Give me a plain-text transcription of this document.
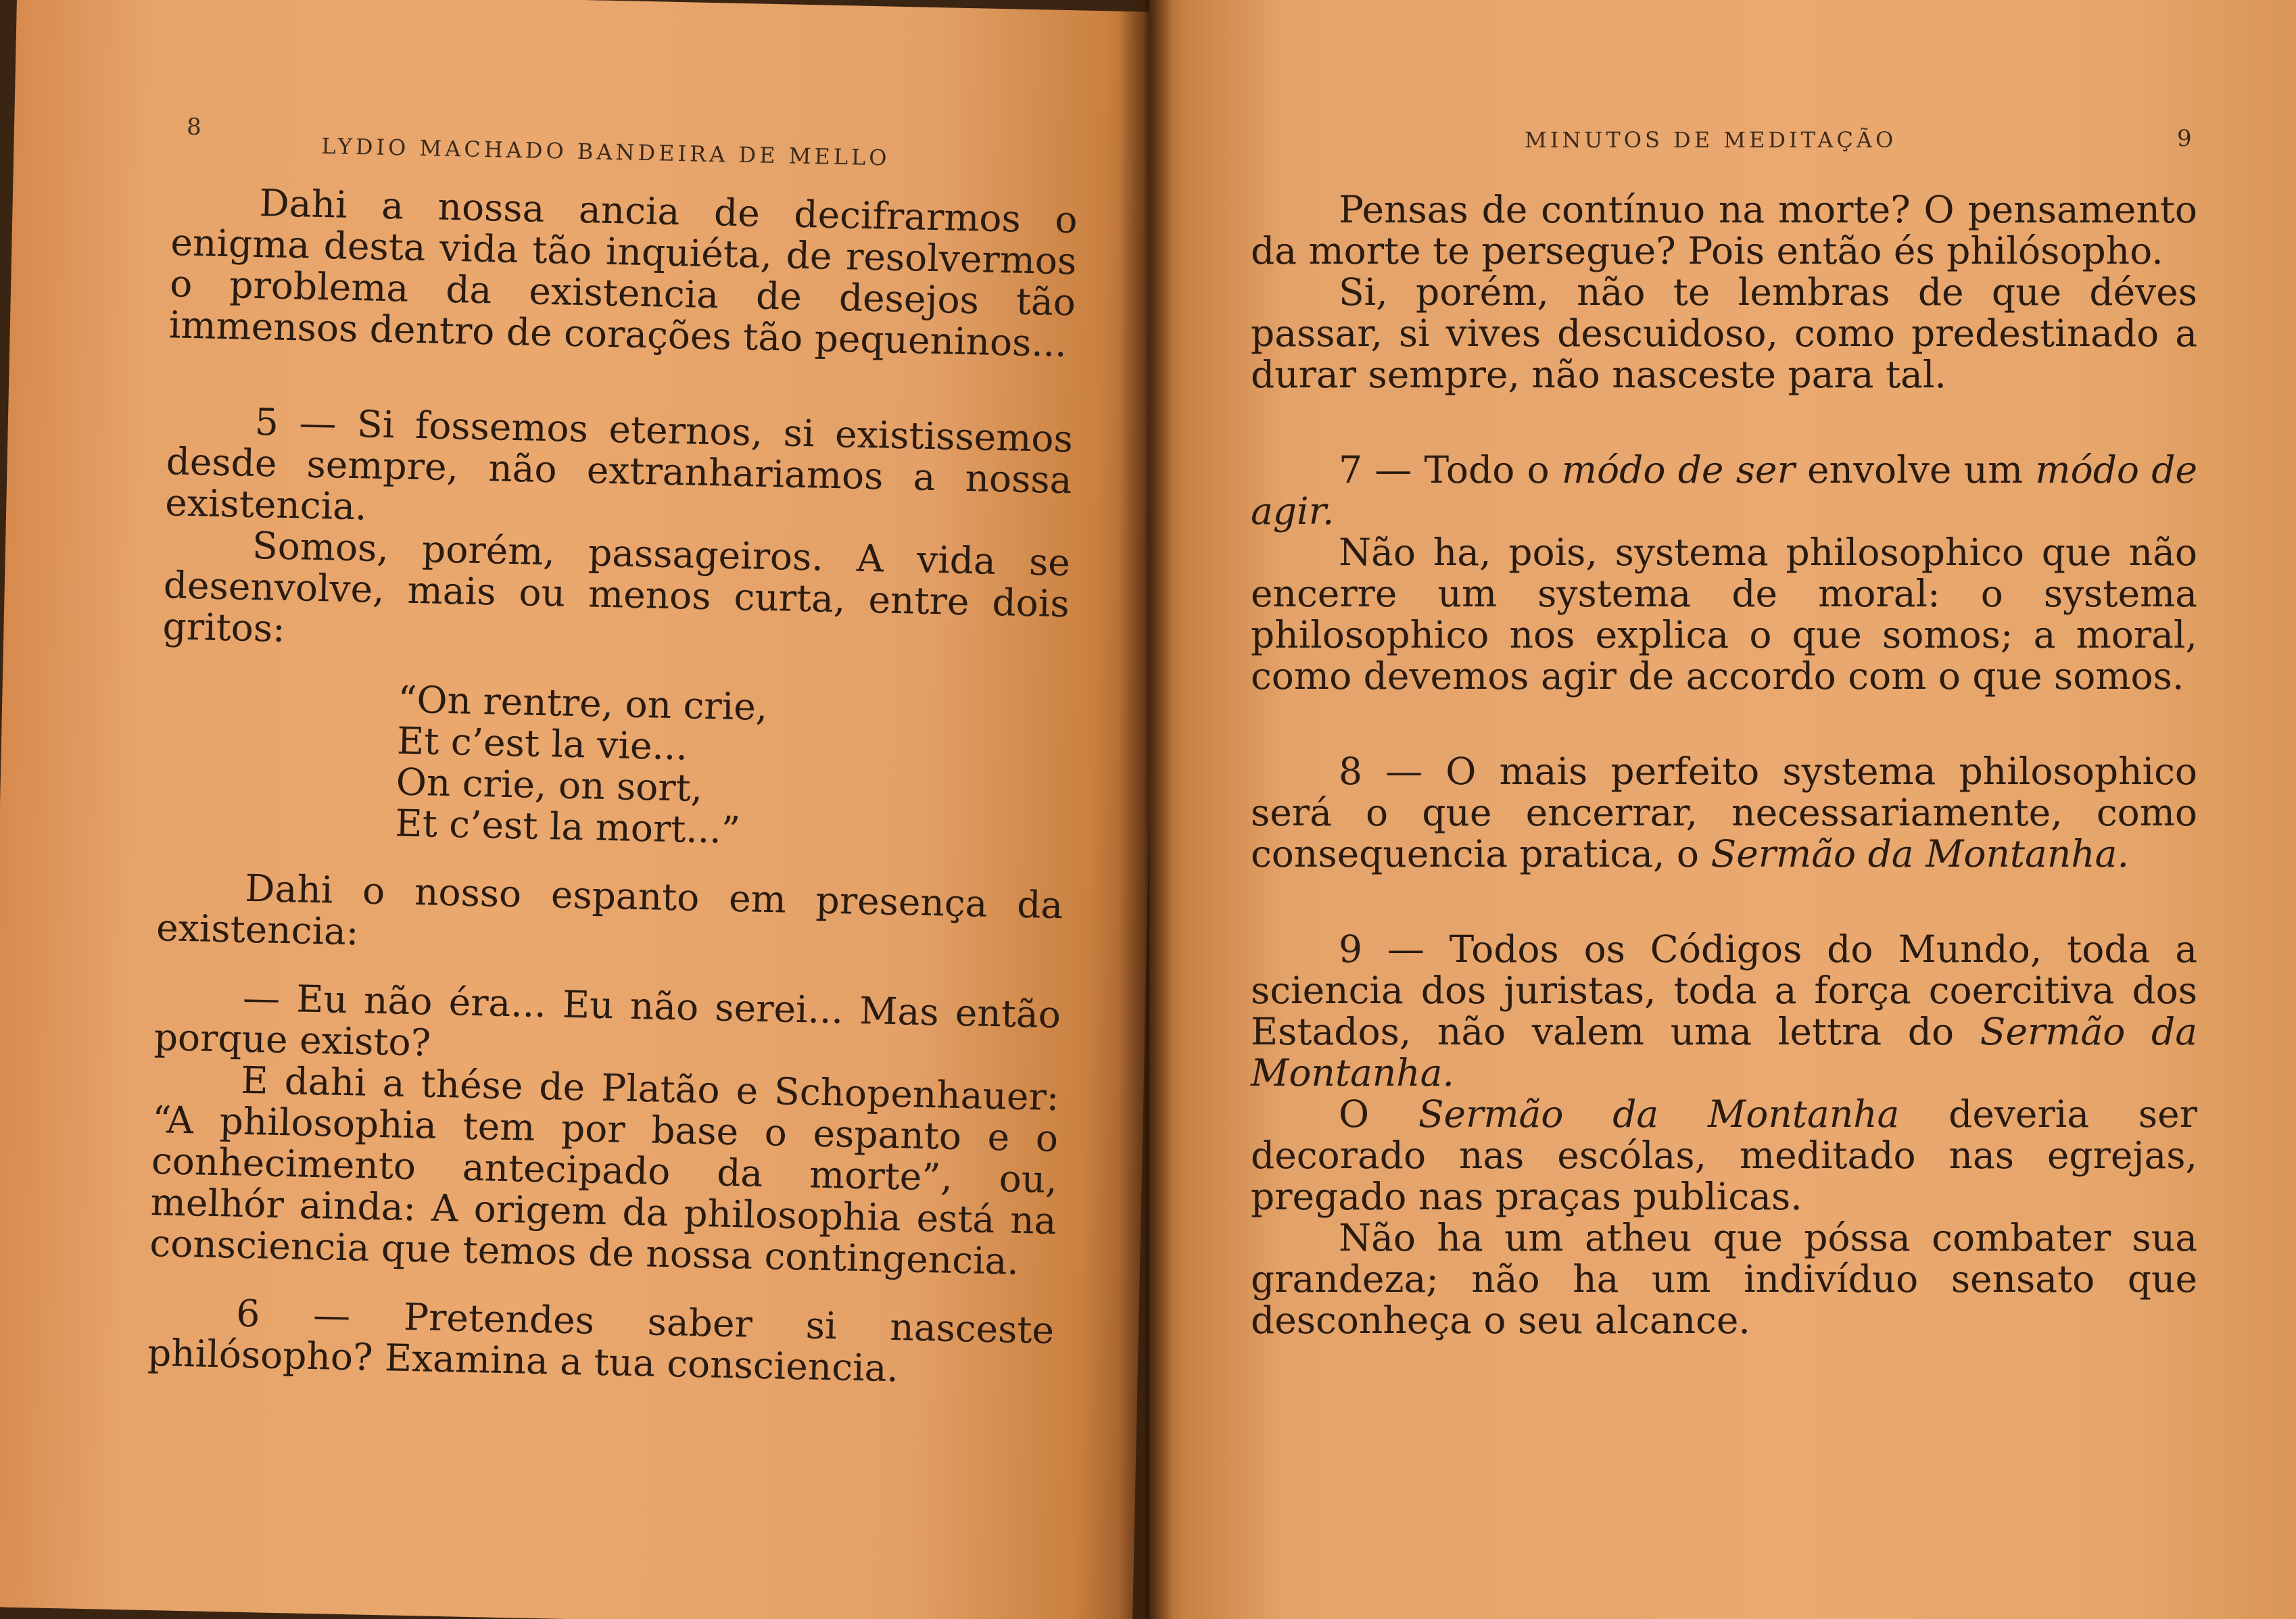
8
LYDIO MACHADO BANDEIRA DE MELLO

Dahi a nossa ancia de decifrarmos o enigma desta vida tão inquiéta, de resolvermos o problema da existencia de desejos tão immensos dentro de corações tão pequeninos...

5 — Si fossemos eternos, si existissemos desde sempre, não extranhariamos a nossa existencia.

Somos, porém, passageiros. A vida se desenvolve, mais ou menos curta, entre dois gritos:

“On rentre, on crie,
Et c’est la vie...
On crie, on sort,
Et c’est la mort...”

Dahi o nosso espanto em presença da existencia:

— Eu não éra... Eu não serei... Mas então porque existo?

E dahi a thése de Platão e Schopenhauer: “A philosophia tem por base o espanto e o conhecimento antecipado da morte”, ou, melhór ainda: A origem da philosophia está na consciencia que temos de nossa contingencia.

6 — Pretendes saber si nasceste philósopho? Examina a tua consciencia.

MINUTOS DE MEDITAÇÃO	9

Pensas de contínuo na morte? O pensamento da morte te persegue? Pois então és philósopho.

Si, porém, não te lembras de que déves passar, si vives descuidoso, como predestinado a durar sempre, não nasceste para tal.

7 — Todo o módo de ser envolve um módo de agir.

Não ha, pois, systema philosophico que não encerre um systema de moral: o systema philosophico nos explica o que somos; a moral, como devemos agir de accordo com o que somos.

8 — O mais perfeito systema philosophico será o que encerrar, necessariamente, como consequencia pratica, o Sermão da Montanha.

9 — Todos os Códigos do Mundo, toda a sciencia dos juristas, toda a força coercitiva dos Estados, não valem uma lettra do Sermão da Montanha.

O Sermão da Montanha deveria ser decorado nas escólas, meditado nas egrejas, pregado nas praças publicas.

Não ha um atheu que póssa combater sua grandeza; não ha um indivíduo sensato que desconheça o seu alcance.
